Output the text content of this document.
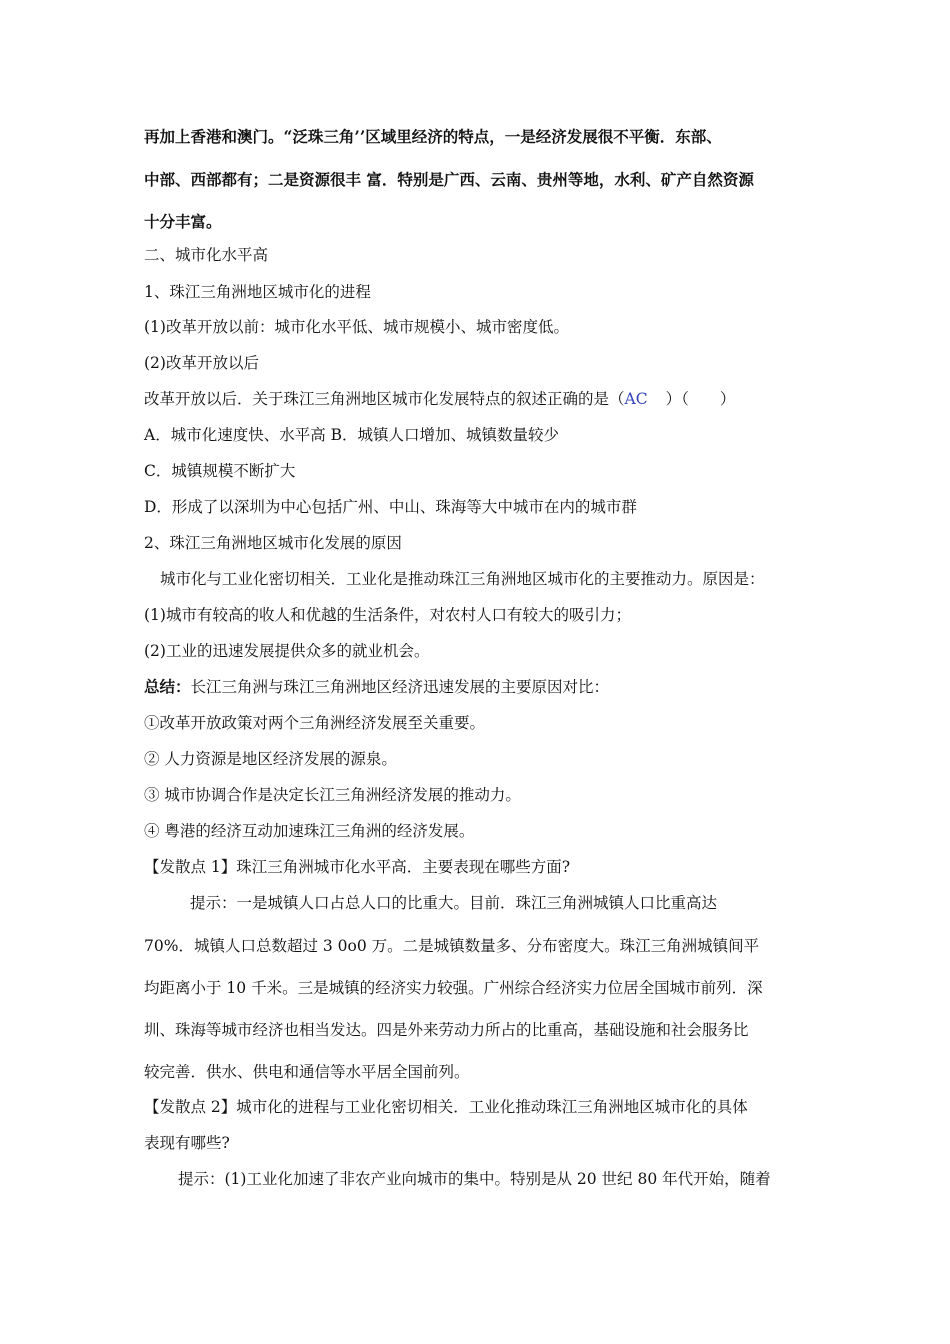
再加上香港和澳门。“泛珠三角’’区域里经济的特点，一是经济发展很不平衡．东部、
中部、西部都有；二是资源很丰 富．特别是广西、云南、贵州等地，水利、矿产自然资源
十分丰富。
二、城市化水平高
1、珠江三角洲地区城市化的进程
(1)改革开放以前：城市化水平低、城市规模小、城市密度低。
(2)改革开放以后
改革开放以后．关于珠江三角洲地区城市化发展特点的叙述正确的是（AC ）（　　）
A．城市化速度快、水平高 B．城镇人口增加、城镇数量较少
C．城镇规模不断扩大
D．形成了以深圳为中心包括广州、中山、珠海等大中城市在内的城市群
2、珠江三角洲地区城市化发展的原因
城市化与工业化密切相关．工业化是推动珠江三角洲地区城市化的主要推动力。原因是：
(1)城市有较高的收人和优越的生活条件，对农村人口有较大的吸引力；
(2)工业的迅速发展提供众多的就业机会。
总结：长江三角洲与珠江三角洲地区经济迅速发展的主要原因对比：
①改革开放政策对两个三角洲经济发展至关重要。
② 人力资源是地区经济发展的源泉。
③ 城市协调合作是决定长江三角洲经济发展的推动力。
④ 粤港的经济互动加速珠江三角洲的经济发展。
【发散点 1】珠江三角洲城市化水平高．主要表现在哪些方面?
提示：一是城镇人口占总人口的比重大。目前．珠江三角洲城镇人口比重高达
70%．城镇人口总数超过 3 0o0 万。二是城镇数量多、分布密度大。珠江三角洲城镇间平
均距离小于 10 千米。三是城镇的经济实力较强。广州综合经济实力位居全国城市前列．深
圳、珠海等城市经济也相当发达。四是外来劳动力所占的比重高，基础设施和社会服务比
较完善．供水、供电和通信等水平居全国前列。
【发散点 2】城市化的进程与工业化密切相关．工业化推动珠江三角洲地区城市化的具体
表现有哪些?
提示：(1)工业化加速了非农产业向城市的集中。特别是从 20 世纪 80 年代开始，随着
